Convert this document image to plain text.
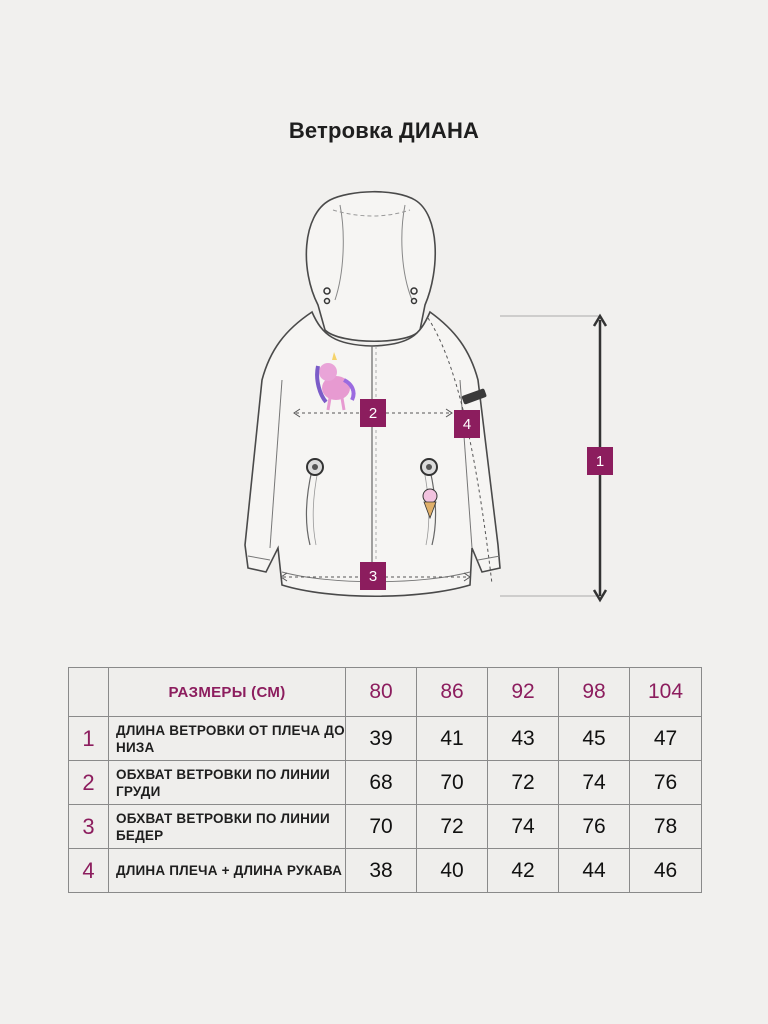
Ветровка ДИАНА
1
2
3
4
	РАЗМЕРЫ (СМ)	80	86	92	98	104
1	ДЛИНА ВЕТРОВКИ ОТ ПЛЕЧА ДО НИЗА	39	41	43	45	47
2	ОБХВАТ ВЕТРОВКИ ПО ЛИНИИ ГРУДИ	68	70	72	74	76
3	ОБХВАТ ВЕТРОВКИ ПО ЛИНИИ БЕДЕР	70	72	74	76	78
4	ДЛИНА ПЛЕЧА + ДЛИНА РУКАВА	38	40	42	44	46
